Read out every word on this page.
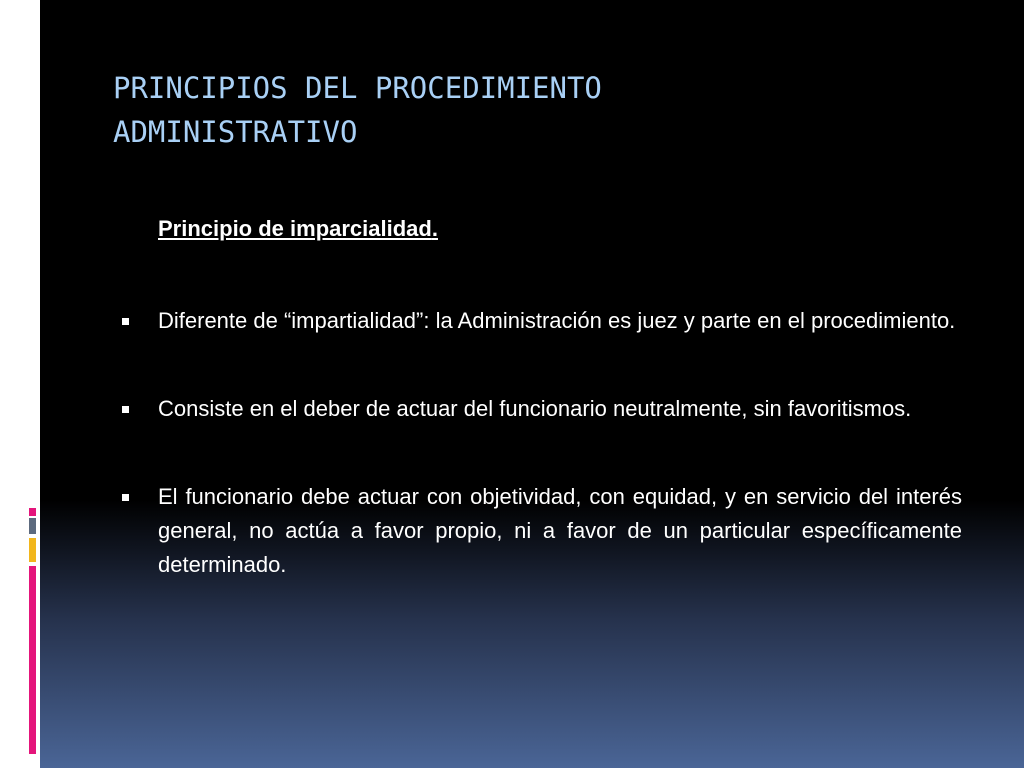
PRINCIPIOS DEL PROCEDIMIENTO
ADMINISTRATIVO

Principio de imparcialidad.

Diferente de “impartialidad”: la Administración es juez y parte en el procedimiento.

Consiste en el deber de actuar del funcionario neutralmente, sin favoritismos.

El funcionario debe actuar con objetividad, con equidad, y en servicio del interés general, no actúa a favor propio, ni a favor de un particular específicamente determinado.
